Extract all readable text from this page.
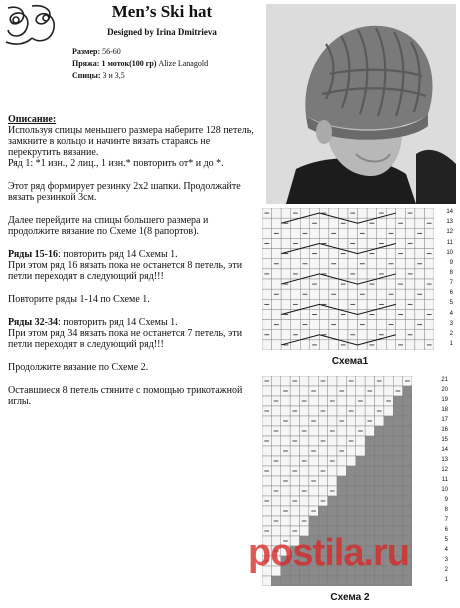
Men’s Ski hat
Designed by Irina Dmitrieva
Размер: 56-60
Пряжа: 1 моток(100 гр) Alize Lanagold
Спицы: 3 и 3,5

Описание:

Используя спицы меньшего размера наберите 128 петель, замкните в кольцо и начинте вязать стараясь не перекрутить вязание.

Ряд 1: *1 изн., 2 лиц., 1 изн.* повторить от* и до *.

Этот ряд формирует резинку 2х2 шапки. Продолжайте вязать резинкой 3см.

Далее перейдите на спицы большего размера и продолжите вязание по Схеме 1(8 рапортов).

Ряды 15-16: повторить ряд 14 Схемы 1.

При этом ряд 16 вязать пока не останется 8 петель, эти петли переходят в следующий ряд!!!

Повторите ряды 1-14 по Схеме 1.

Ряды 32-34: повторить ряд 14 Схемы 1.

При этом ряд 34 вязать пока не останется 7 петель, эти петли переходят в следующий ряд!!!

Продолжите вязание по Схеме 2.

Оставшиеся 8 петель стяните с помощью трикотажной иглы.

14
13
12
11
10
9
8
7
6
5
4
3
2
1
Схема1
21
20
19
18
17
16
15
14
13
12
11
10
9
8
7
6
5
4
3
2
1
Схема 2
postila.ru
